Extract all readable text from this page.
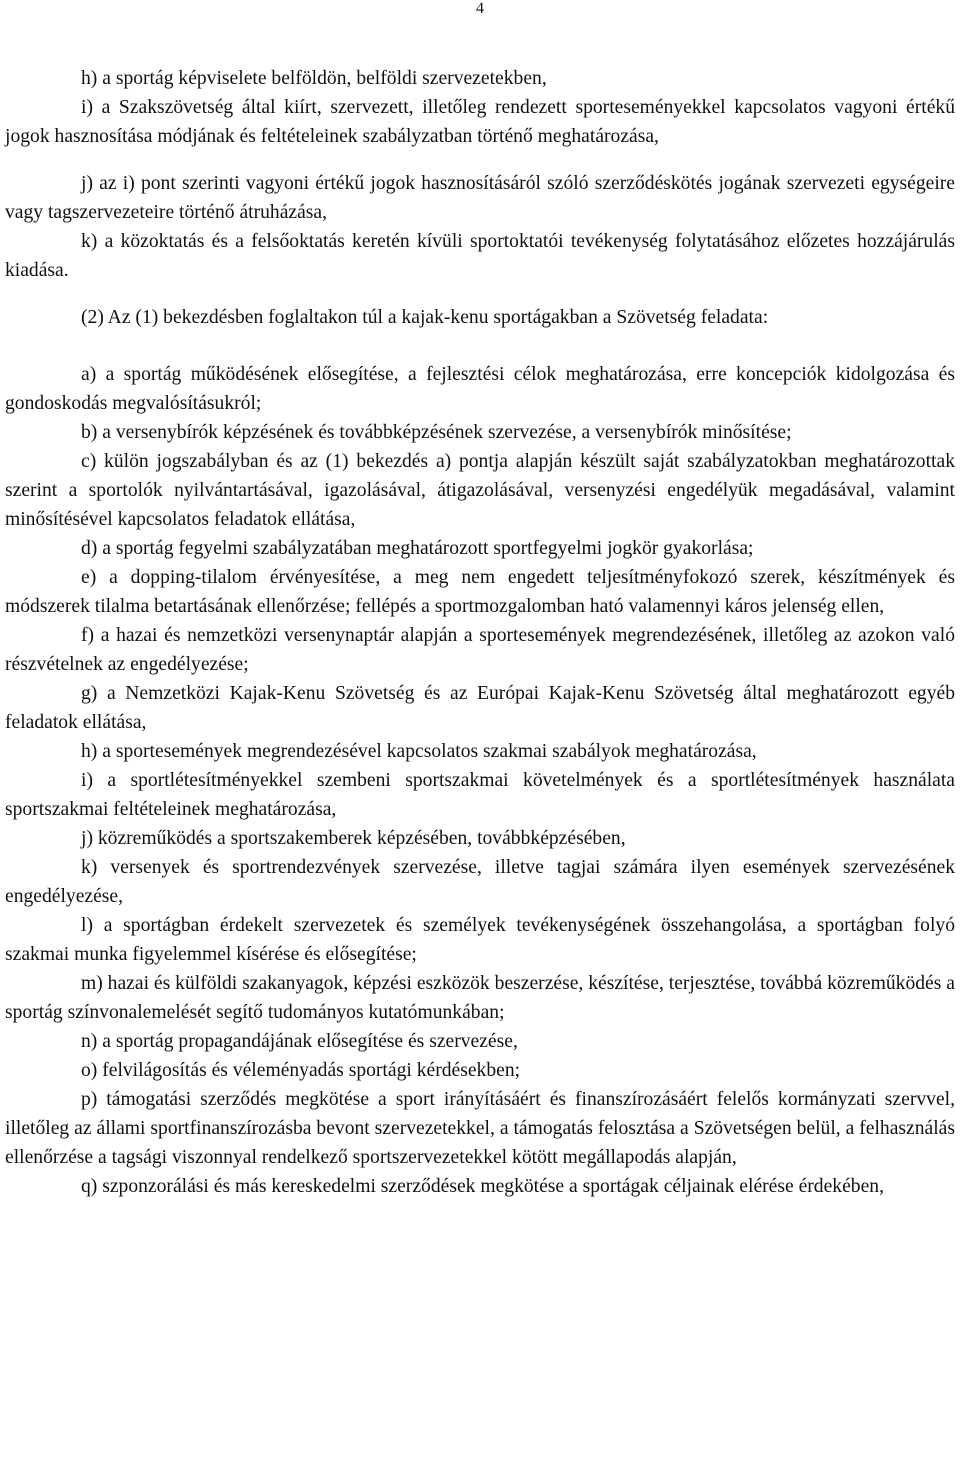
4

h) a sportág képviselete belföldön, belföldi szervezetekben,

i) a Szakszövetség által kiírt, szervezett, illetőleg rendezett sporteseményekkel kapcsolatos vagyoni értékű jogok hasznosítása módjának és feltételeinek szabályzatban történő meghatározása,

j) az i) pont szerinti vagyoni értékű jogok hasznosításáról szóló szerződéskötés jogának szervezeti egységeire vagy tagszervezeteire történő átruházása,

k) a közoktatás és a felsőoktatás keretén kívüli sportoktatói tevékenység folytatásához előzetes hozzájárulás kiadása.

(2) Az (1) bekezdésben foglaltakon túl a kajak-kenu sportágakban a Szövetség feladata:

a) a sportág működésének elősegítése, a fejlesztési célok meghatározása, erre koncepciók kidolgozása és gondoskodás megvalósításukról;

b) a versenybírók képzésének és továbbképzésének szervezése, a versenybírók minősítése;

c) külön jogszabályban és az (1) bekezdés a) pontja alapján készült saját szabályzatokban meghatározottak szerint a sportolók nyilvántartásával, igazolásával, átigazolásával, versenyzési engedélyük megadásával, valamint minősítésével kapcsolatos feladatok ellátása,

d) a sportág fegyelmi szabályzatában meghatározott sportfegyelmi jogkör gyakorlása;

e) a dopping-tilalom érvényesítése, a meg nem engedett teljesítményfokozó szerek, készítmények és módszerek tilalma betartásának ellenőrzése; fellépés a sportmozgalomban ható valamennyi káros jelenség ellen,

f) a hazai és nemzetközi versenynaptár alapján a sportesemények megrendezésének, illetőleg az azokon való részvételnek az engedélyezése;

g) a Nemzetközi Kajak-Kenu Szövetség és az Európai Kajak-Kenu Szövetség által meghatározott egyéb feladatok ellátása,

h) a sportesemények megrendezésével kapcsolatos szakmai szabályok meghatározása,

i) a sportlétesítményekkel szembeni sportszakmai követelmények és a sportlétesítmények használata sportszakmai feltételeinek meghatározása,

j) közreműködés a sportszakemberek képzésében, továbbképzésében,

k) versenyek és sportrendezvények szervezése, illetve tagjai számára ilyen események szervezésének engedélyezése,

l) a sportágban érdekelt szervezetek és személyek tevékenységének összehangolása, a sportágban folyó szakmai munka figyelemmel kísérése és elősegítése;

m) hazai és külföldi szakanyagok, képzési eszközök beszerzése, készítése, terjesztése, továbbá közreműködés a sportág színvonalemelését segítő tudományos kutatómunkában;

n) a sportág propagandájának elősegítése és szervezése,

o) felvilágosítás és véleményadás sportági kérdésekben;

p) támogatási szerződés megkötése a sport irányításáért és finanszírozásáért felelős kormányzati szervvel, illetőleg az állami sportfinanszírozásba bevont szervezetekkel, a támogatás felosztása a Szövetségen belül, a felhasználás ellenőrzése a tagsági viszonnyal rendelkező sportszervezetekkel kötött megállapodás alapján,

q) szponzorálási és más kereskedelmi szerződések megkötése a sportágak céljainak elérése érdekében,
